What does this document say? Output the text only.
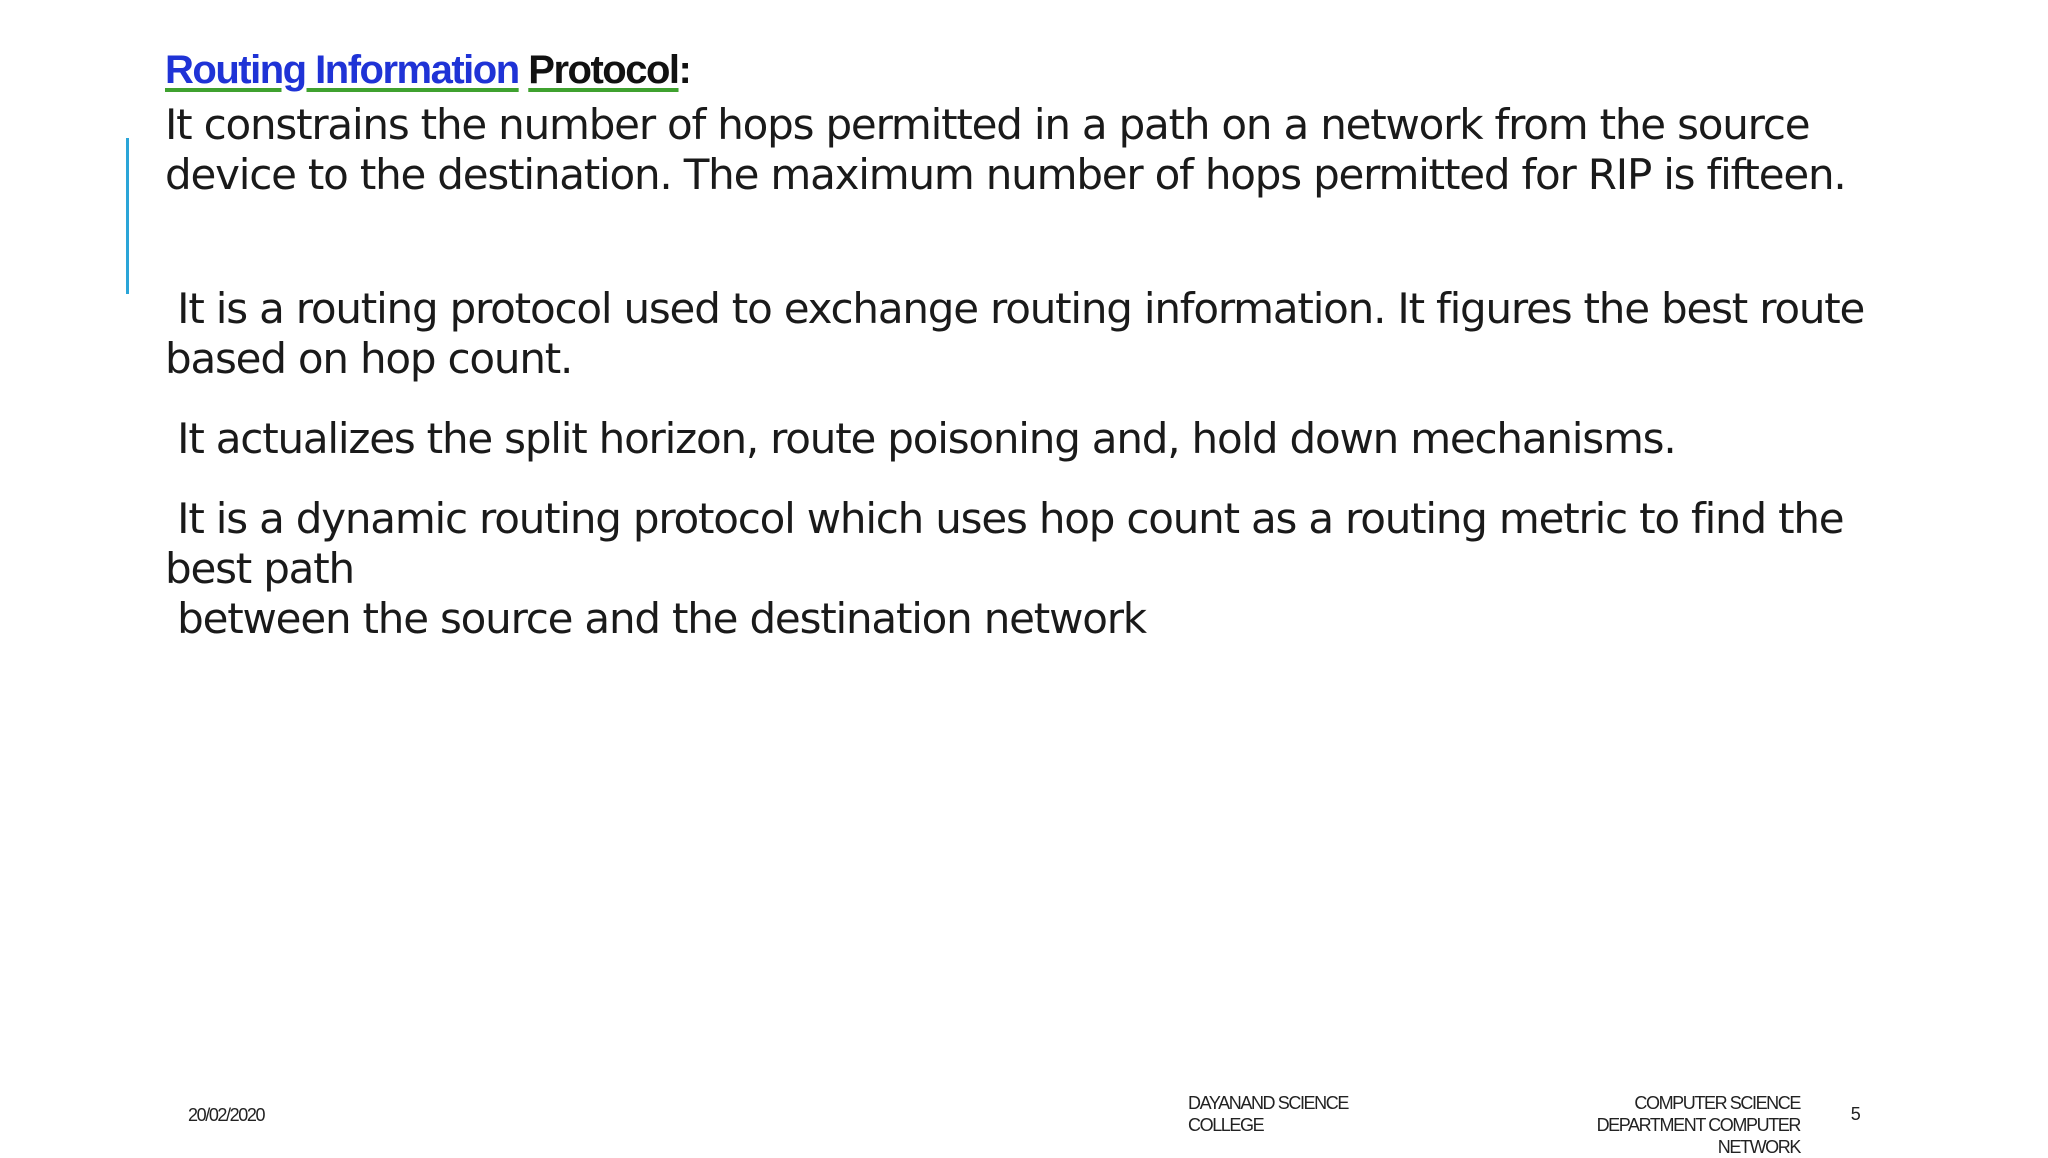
Routing Information Protocol:
It constrains the number of hops permitted in a path on a network from the source device to the destination. The maximum number of hops permitted for RIP is fifteen.
It is a routing protocol used to exchange routing information. It figures the best route based on hop count.
It actualizes the split horizon, route poisoning and, hold down mechanisms.
It is a dynamic routing protocol which uses hop count as a routing metric to find the best path
between the source and the destination network
20/02/2020
DAYANAND SCIENCE COLLEGE
COMPUTER SCIENCE DEPARTMENT COMPUTER NETWORK
5
